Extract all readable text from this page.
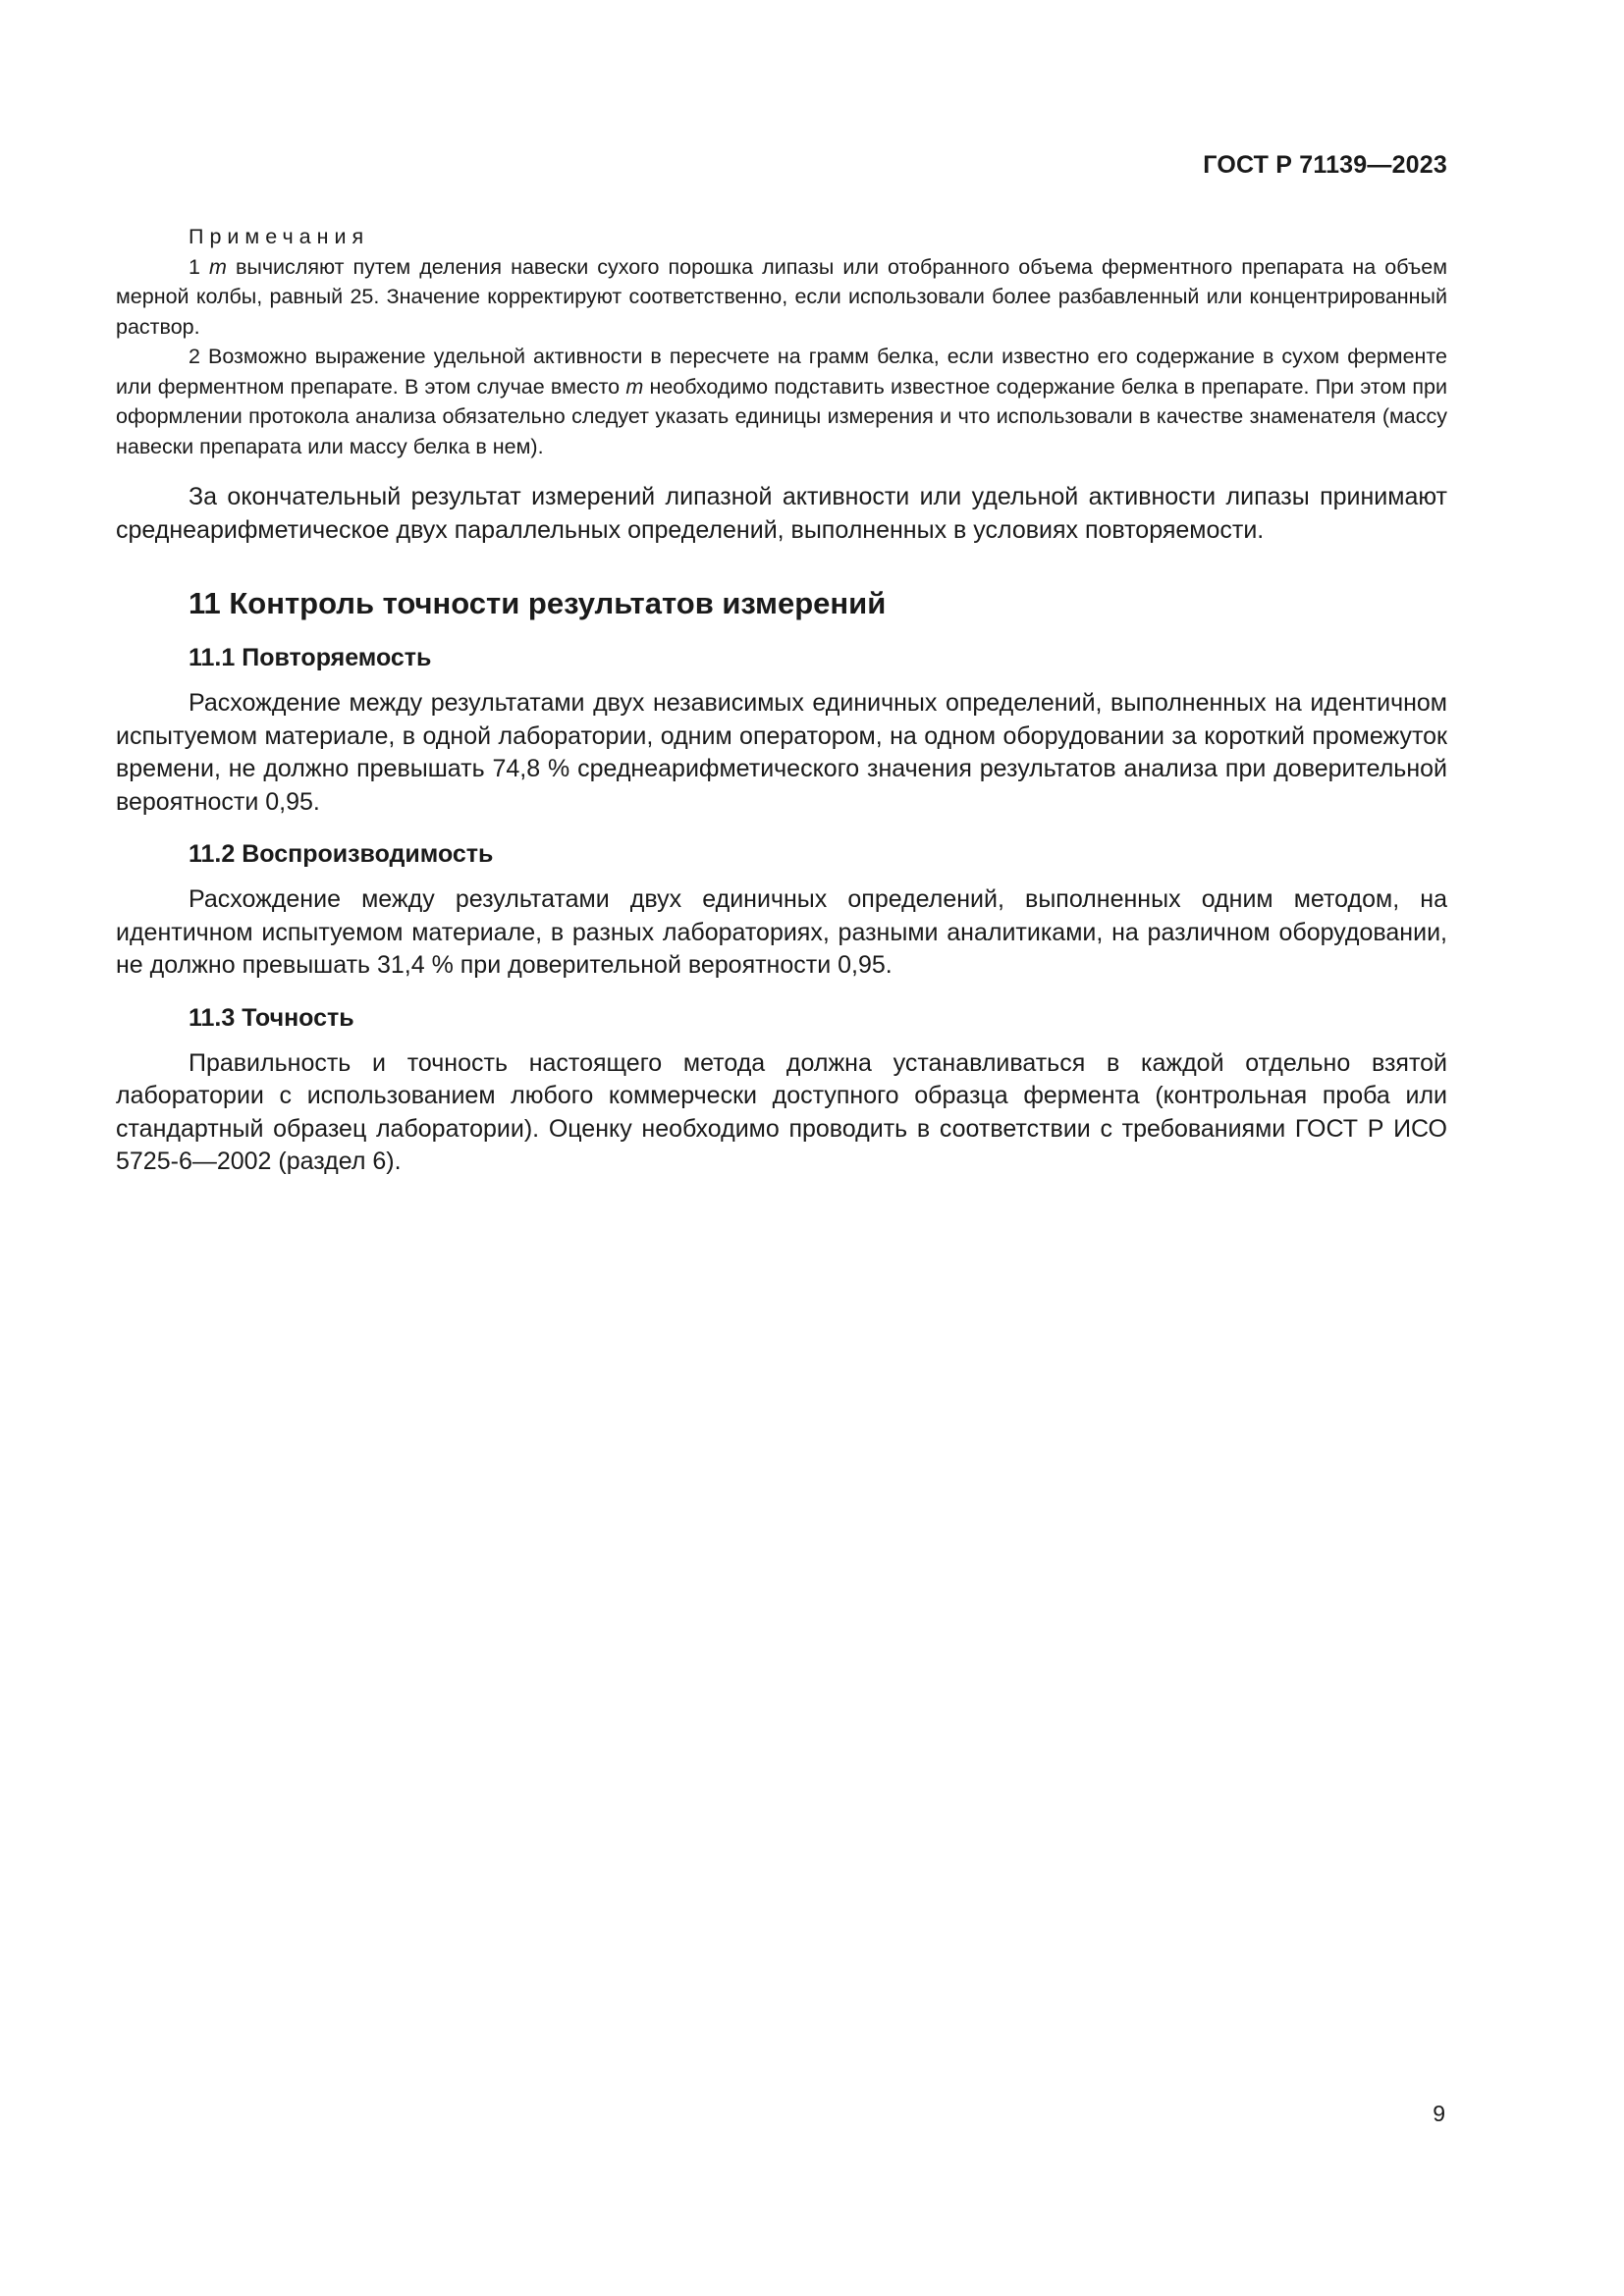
ГОСТ Р 71139—2023

Примечания

1 m вычисляют путем деления навески сухого порошка липазы или отобранного объема ферментного препарата на объем мерной колбы, равный 25. Значение корректируют соответственно, если использовали более разбавленный или концентрированный раствор.

2 Возможно выражение удельной активности в пересчете на грамм белка, если известно его содержание в сухом ферменте или ферментном препарате. В этом случае вместо m необходимо подставить известное содержание белка в препарате. При этом при оформлении протокола анализа обязательно следует указать единицы измерения и что использовали в качестве знаменателя (массу навески препарата или массу белка в нем).

За окончательный результат измерений липазной активности или удельной активности липазы принимают среднеарифметическое двух параллельных определений, выполненных в условиях повторяемости.

11 Контроль точности результатов измерений
11.1 Повторяемость

Расхождение между результатами двух независимых единичных определений, выполненных на идентичном испытуемом материале, в одной лаборатории, одним оператором, на одном оборудовании за короткий промежуток времени, не должно превышать 74,8 % среднеарифметического значения результатов анализа при доверительной вероятности 0,95.

11.2 Воспроизводимость

Расхождение между результатами двух единичных определений, выполненных одним методом, на идентичном испытуемом материале, в разных лабораториях, разными аналитиками, на различном оборудовании, не должно превышать 31,4 % при доверительной вероятности 0,95.

11.3 Точность

Правильность и точность настоящего метода должна устанавливаться в каждой отдельно взятой лаборатории с использованием любого коммерчески доступного образца фермента (контрольная проба или стандартный образец лаборатории). Оценку необходимо проводить в соответствии с требованиями ГОСТ Р ИСО 5725-6—2002 (раздел 6).

9
